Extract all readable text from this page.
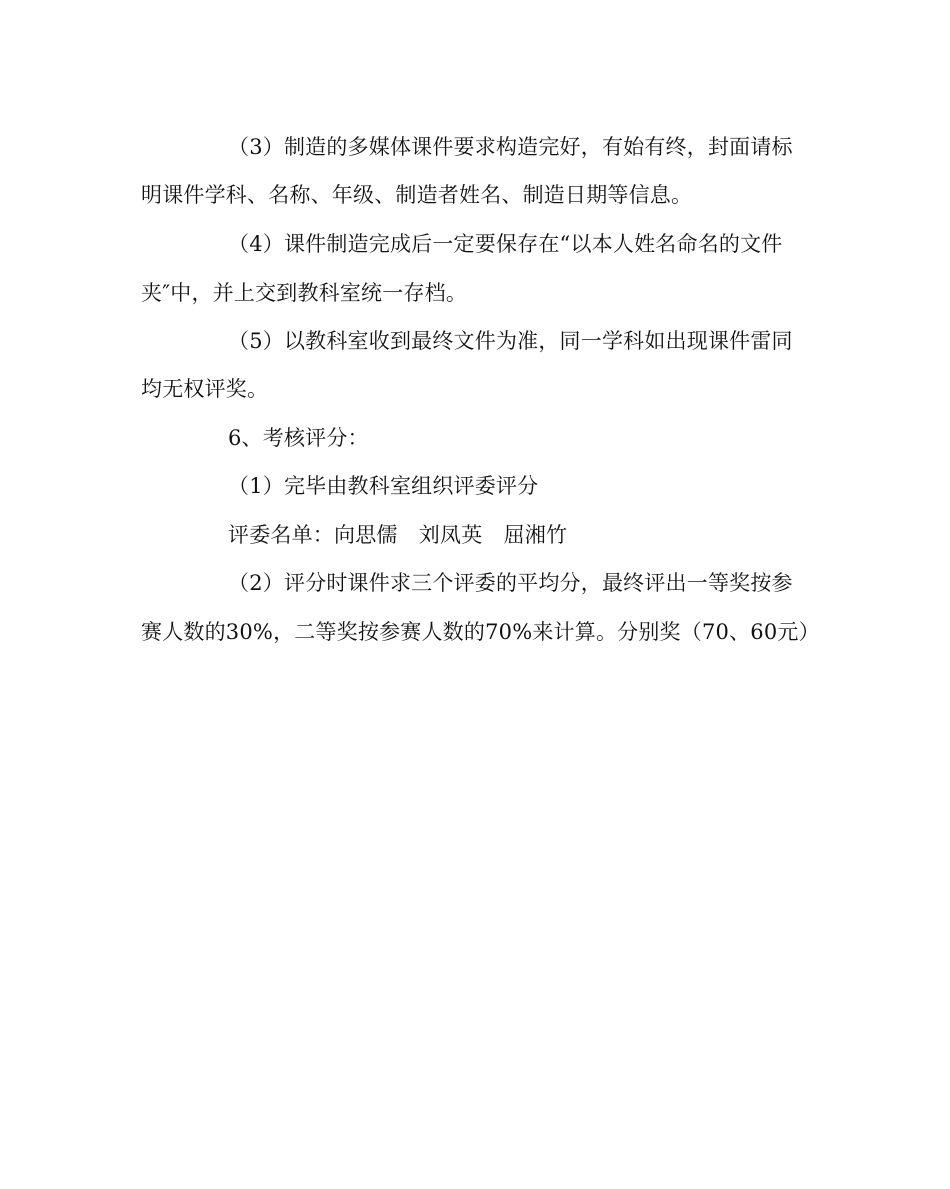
（3）制造的多媒体课件要求构造完好，有始有终，封面请标
明课件学科、名称、年级、制造者姓名、制造日期等信息。
（4）课件制造完成后一定要保存在“以本人姓名命名的文件
夹″中，并上交到教科室统一存档。
（5）以教科室收到最终文件为准，同一学科如出现课件雷同
均无权评奖。
6、考核评分：
（1）完毕由教科室组织评委评分
评委名单：向思儒　刘凤英　屈湘竹
（2）评分时课件求三个评委的平均分，最终评出一等奖按参
赛人数的30%，二等奖按参赛人数的70%来计算。分别奖（70、60元）
